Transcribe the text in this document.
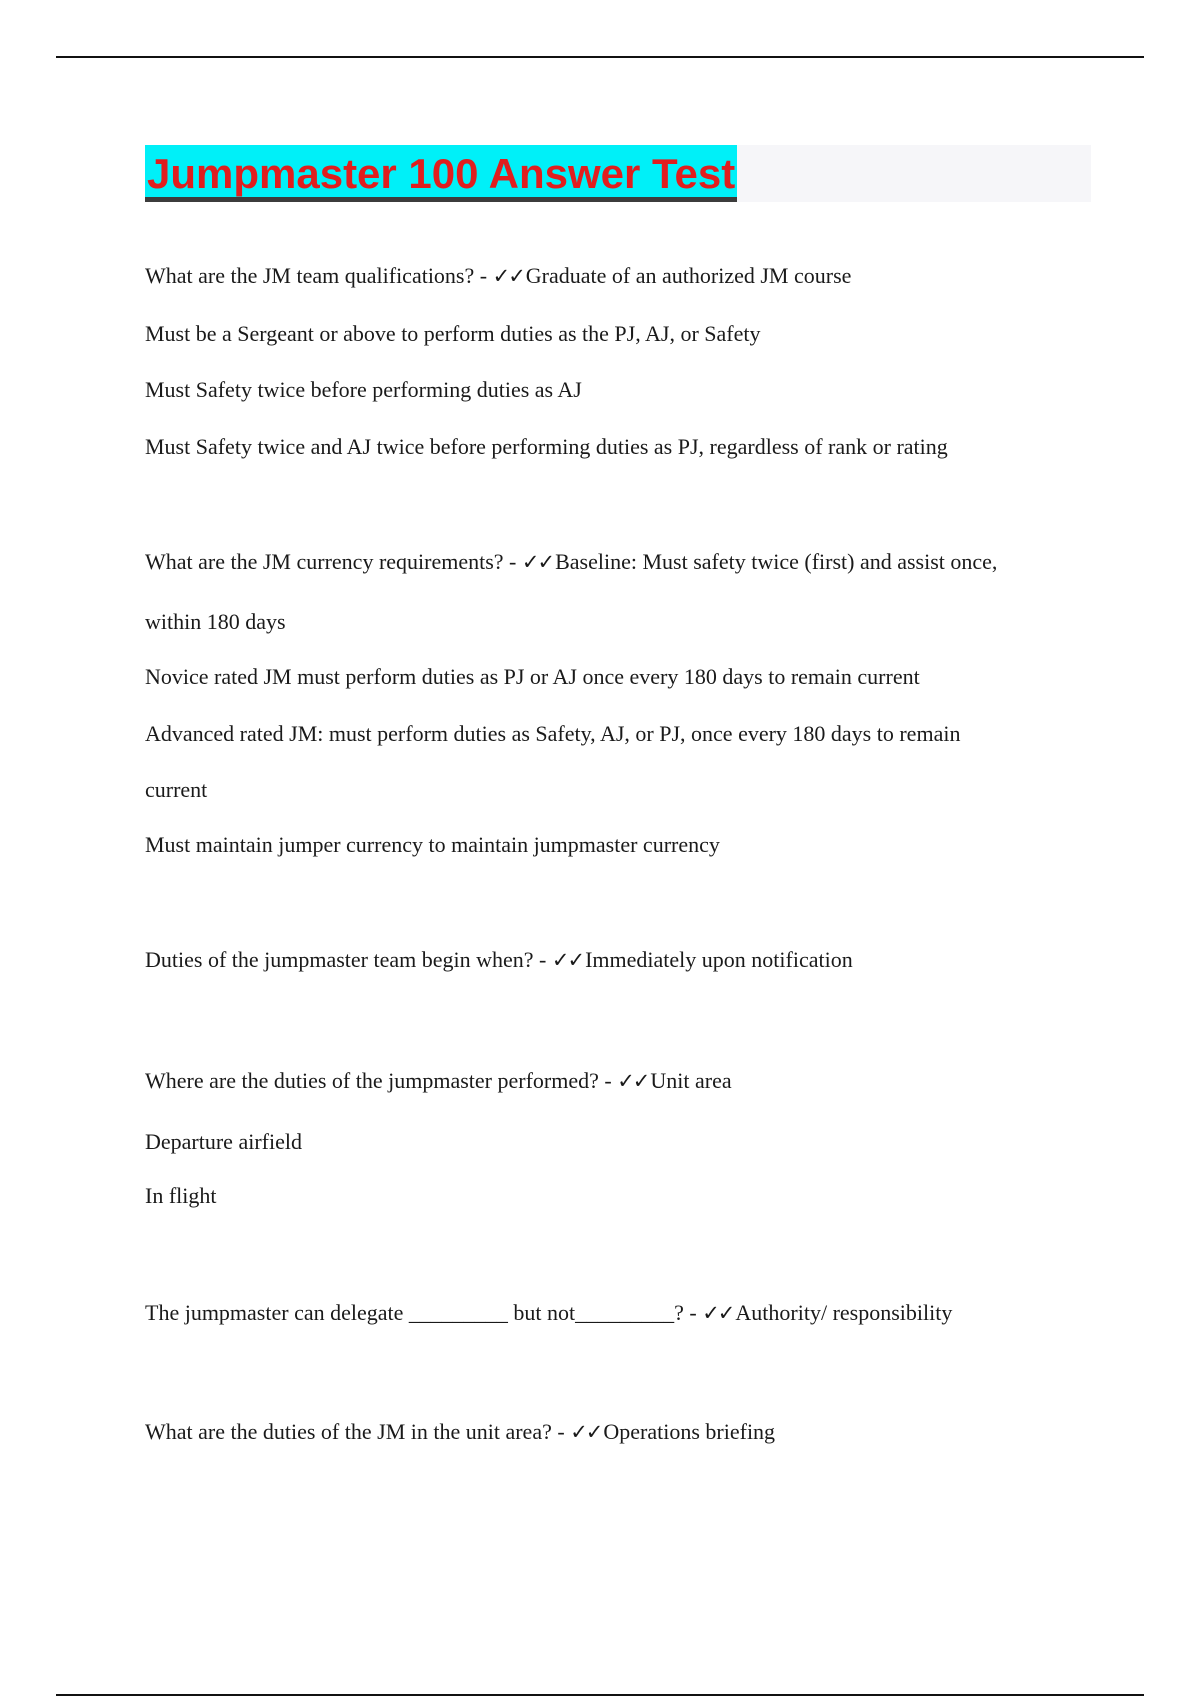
Jumpmaster 100 Answer Test

What are the JM team qualifications? - ✓✓Graduate of an authorized JM course

Must be a Sergeant or above to perform duties as the PJ, AJ, or Safety

Must Safety twice before performing duties as AJ

Must Safety twice and AJ twice before performing duties as PJ, regardless of rank or rating

What are the JM currency requirements? - ✓✓Baseline: Must safety twice (first) and assist once,

within 180 days

Novice rated JM must perform duties as PJ or AJ once every 180 days to remain current

Advanced rated JM: must perform duties as Safety, AJ, or PJ, once every 180 days to remain

current

Must maintain jumper currency to maintain jumpmaster currency

Duties of the jumpmaster team begin when? - ✓✓Immediately upon notification

Where are the duties of the jumpmaster performed? - ✓✓Unit area

Departure airfield

In flight

The jumpmaster can delegate _________ but not_________? - ✓✓Authority/ responsibility

What are the duties of the JM in the unit area? - ✓✓Operations briefing
